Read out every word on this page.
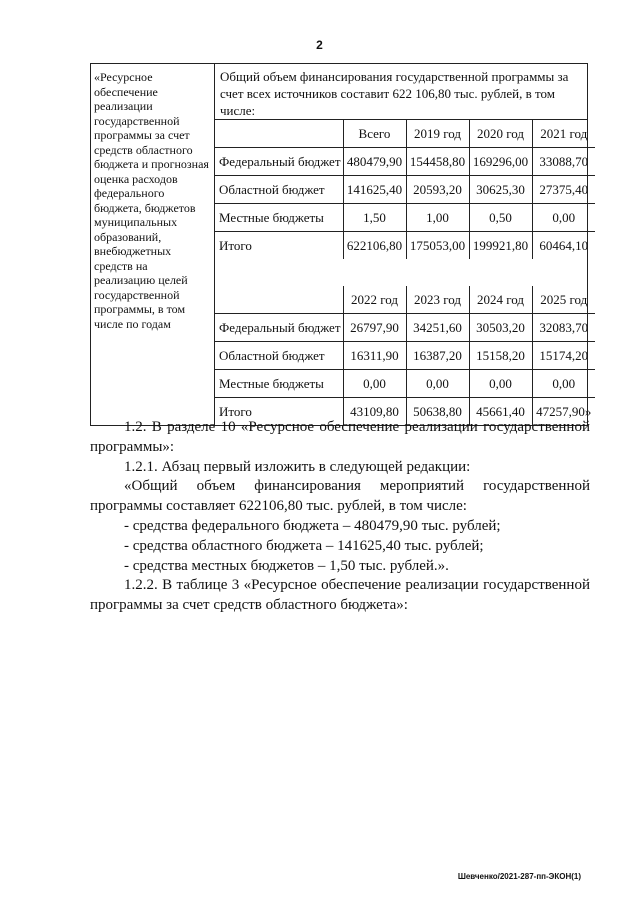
2
«Ресурсное обеспечение реализации государственной программы за счет средств областного бюджета и прогнозная оценка расходов федерального бюджета, бюджетов муниципальных образований, внебюджетных средств на реализацию целей государственной программы, в том числе по годам	
Общий объем финансирования государственной программы за счет всех источников составит 622 106,80 тыс. рублей, в том числе:

	Всего	2019 год	2020 год	2021 год
Федеральный бюджет	480479,90	154458,80	169296,00	33088,70
Областной бюджет	141625,40	20593,20	30625,30	27375,40
Местные бюджеты	1,50	1,00	0,50	0,00
Итого	622106,80	175053,00	199921,80	60464,10

	2022 год	2023 год	2024 год	2025 год
Федеральный бюджет	26797,90	34251,60	30503,20	32083,70
Областной бюджет	16311,90	16387,20	15158,20	15174,20
Местные бюджеты	0,00	0,00	0,00	0,00
Итого	43109,80	50638,80	45661,40	47257,90»

1.2. В разделе 10 «Ресурсное обеспечение реализации государственной

программы»:

1.2.1. Абзац первый изложить в следующей редакции:

«Общий объем финансирования мероприятий государственной

программы составляет 622106,80 тыс. рублей, в том числе:

- средства федерального бюджета – 480479,90 тыс. рублей;

- средства областного бюджета – 141625,40 тыс. рублей;

- средства местных бюджетов – 1,50 тыс. рублей.».

1.2.2. В таблице 3 «Ресурсное обеспечение реализации государственной

программы за счет средств областного бюджета»:

Шевченко/2021-287-пп-ЭКОН(1)
